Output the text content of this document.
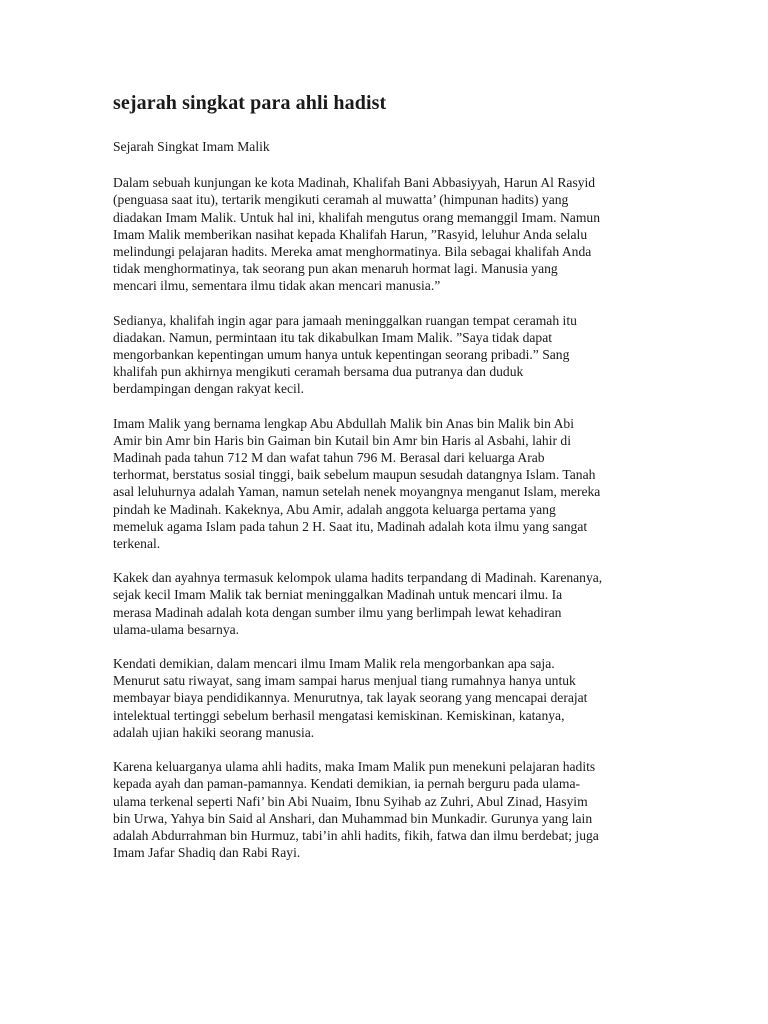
sejarah singkat para ahli hadist

Sejarah Singkat Imam Malik

Dalam sebuah kunjungan ke kota Madinah, Khalifah Bani Abbasiyyah, Harun Al Rasyid
(penguasa saat itu), tertarik mengikuti ceramah al muwatta’ (himpunan hadits) yang
diadakan Imam Malik. Untuk hal ini, khalifah mengutus orang memanggil Imam. Namun
Imam Malik memberikan nasihat kepada Khalifah Harun, ”Rasyid, leluhur Anda selalu
melindungi pelajaran hadits. Mereka amat menghormatinya. Bila sebagai khalifah Anda
tidak menghormatinya, tak seorang pun akan menaruh hormat lagi. Manusia yang
mencari ilmu, sementara ilmu tidak akan mencari manusia.”

Sedianya, khalifah ingin agar para jamaah meninggalkan ruangan tempat ceramah itu
diadakan. Namun, permintaan itu tak dikabulkan Imam Malik. ”Saya tidak dapat
mengorbankan kepentingan umum hanya untuk kepentingan seorang pribadi.” Sang
khalifah pun akhirnya mengikuti ceramah bersama dua putranya dan duduk
berdampingan dengan rakyat kecil.

Imam Malik yang bernama lengkap Abu Abdullah Malik bin Anas bin Malik bin Abi
Amir bin Amr bin Haris bin Gaiman bin Kutail bin Amr bin Haris al Asbahi, lahir di
Madinah pada tahun 712 M dan wafat tahun 796 M. Berasal dari keluarga Arab
terhormat, berstatus sosial tinggi, baik sebelum maupun sesudah datangnya Islam. Tanah
asal leluhurnya adalah Yaman, namun setelah nenek moyangnya menganut Islam, mereka
pindah ke Madinah. Kakeknya, Abu Amir, adalah anggota keluarga pertama yang
memeluk agama Islam pada tahun 2 H. Saat itu, Madinah adalah kota ilmu yang sangat
terkenal.

Kakek dan ayahnya termasuk kelompok ulama hadits terpandang di Madinah. Karenanya,
sejak kecil Imam Malik tak berniat meninggalkan Madinah untuk mencari ilmu. Ia
merasa Madinah adalah kota dengan sumber ilmu yang berlimpah lewat kehadiran
ulama-ulama besarnya.

Kendati demikian, dalam mencari ilmu Imam Malik rela mengorbankan apa saja.
Menurut satu riwayat, sang imam sampai harus menjual tiang rumahnya hanya untuk
membayar biaya pendidikannya. Menurutnya, tak layak seorang yang mencapai derajat
intelektual tertinggi sebelum berhasil mengatasi kemiskinan. Kemiskinan, katanya,
adalah ujian hakiki seorang manusia.

Karena keluarganya ulama ahli hadits, maka Imam Malik pun menekuni pelajaran hadits
kepada ayah dan paman-pamannya. Kendati demikian, ia pernah berguru pada ulama-
ulama terkenal seperti Nafi’ bin Abi Nuaim, Ibnu Syihab az Zuhri, Abul Zinad, Hasyim
bin Urwa, Yahya bin Said al Anshari, dan Muhammad bin Munkadir. Gurunya yang lain
adalah Abdurrahman bin Hurmuz, tabi’in ahli hadits, fikih, fatwa dan ilmu berdebat; juga
Imam Jafar Shadiq dan Rabi Rayi.
